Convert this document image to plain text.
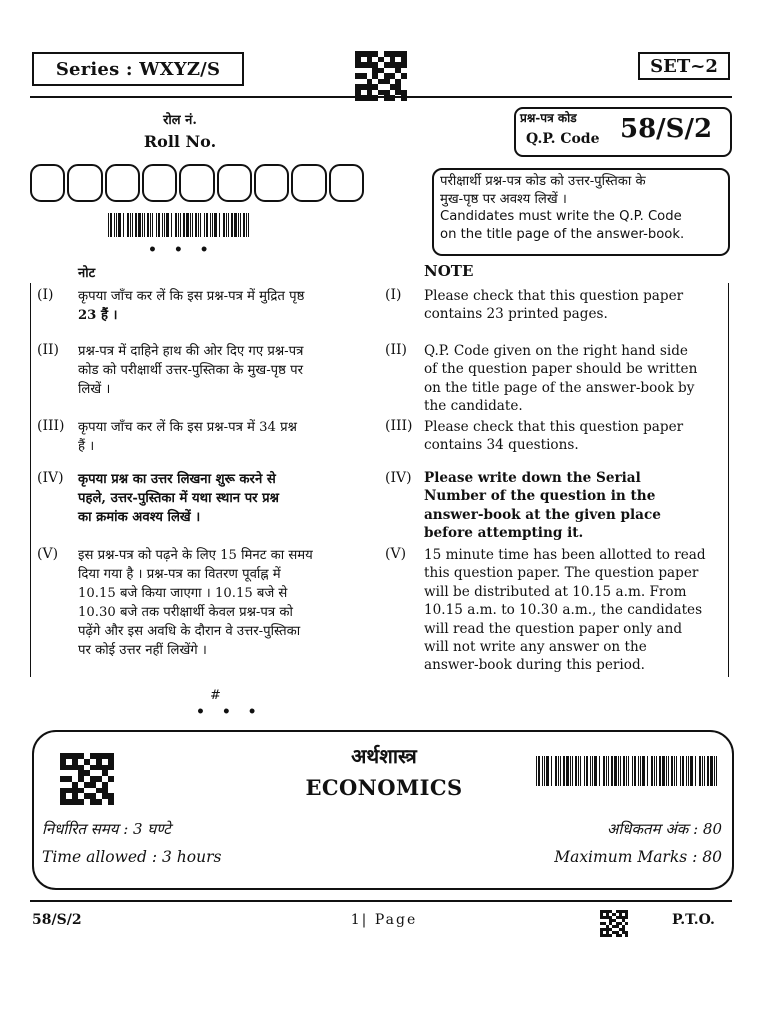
Series : WXYZ/S	SET~2
रोल नं.
Roll No.
• • •
प्रश्न-पत्र कोड
Q.P. Code 58/S/2
परीक्षार्थी प्रश्न-पत्र कोड को उत्तर-पुस्तिका के
मुख-पृष्ठ पर अवश्य लिखें ।
Candidates must write the Q.P. Code
on the title page of the answer-book.
नोट	NOTE
(I) कृपया जाँच कर लें कि इस प्रश्न-पत्र में मुद्रित पृष्ठ
23 हैं ।
(I) Please check that this question paper
contains 23 printed pages.
(II) प्रश्न-पत्र में दाहिने हाथ की ओर दिए गए प्रश्न-पत्र
कोड को परीक्षार्थी उत्तर-पुस्तिका के मुख-पृष्ठ पर
लिखें ।
(II) Q.P. Code given on the right hand side
of the question paper should be written
on the title page of the answer-book by
the candidate.
(III) कृपया जाँच कर लें कि इस प्रश्न-पत्र में 34 प्रश्न
हैं ।
(III) Please check that this question paper
contains 34 questions.
(IV) कृपया प्रश्न का उत्तर लिखना शुरू करने से
पहले, उत्तर-पुस्तिका में यथा स्थान पर प्रश्न
का क्रमांक अवश्य लिखें ।
(IV) Please write down the Serial
Number of the question in the
answer-book at the given place
before attempting it.
(V) इस प्रश्न-पत्र को पढ़ने के लिए 15 मिनट का समय
दिया गया है । प्रश्न-पत्र का वितरण पूर्वाह्न में
10.15 बजे किया जाएगा । 10.15 बजे से
10.30 बजे तक परीक्षार्थी केवल प्रश्न-पत्र को
पढ़ेंगे और इस अवधि के दौरान वे उत्तर-पुस्तिका
पर कोई उत्तर नहीं लिखेंगे ।
(V) 15 minute time has been allotted to read
this question paper. The question paper
will be distributed at 10.15 a.m. From
10.15 a.m. to 10.30 a.m., the candidates
will read the question paper only and
will not write any answer on the
answer-book during this period.
#
• • •
अर्थशास्त्र
ECONOMICS
निर्धारित समय : 3 घण्टे
Time allowed : 3 hours
अधिकतम अंक : 80
Maximum Marks : 80
58/S/2	1| Page	P.T.O.
